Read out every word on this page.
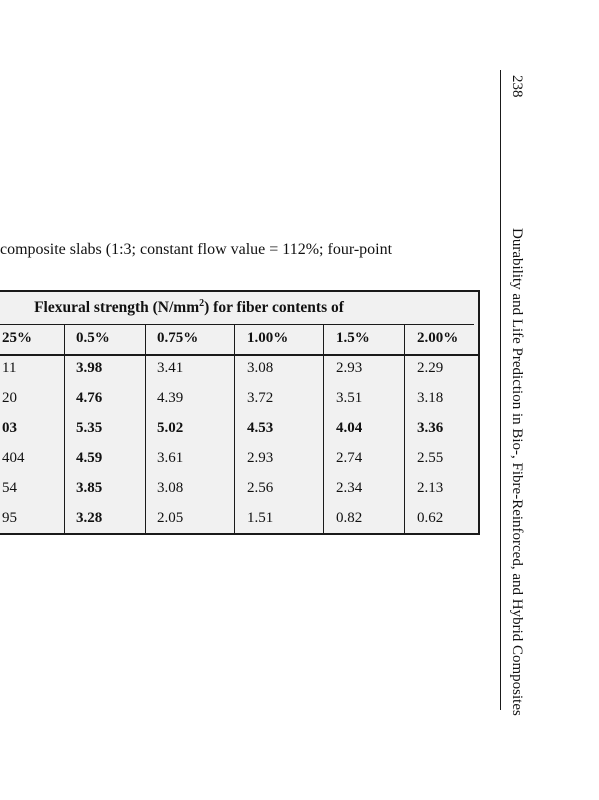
composite slabs (1:3; constant flow value = 112%; four-point
Flexural strength $(N/mm^2)$ for fiber contents of
25%	0.5%	0.75%	1.00%	1.5%	2.00%
11	3.98	3.41	3.08	2.93	2.29
20	4.76	4.39	3.72	3.51	3.18
03	5.35	5.02	4.53	4.04	3.36
404	4.59	3.61	2.93	2.74	2.55
54	3.85	3.08	2.56	2.34	2.13
95	3.28	2.05	1.51	0.82	0.62
238
Durability and Life Prediction in Bio-, Fibre-Reinforced, and Hybrid Composites
